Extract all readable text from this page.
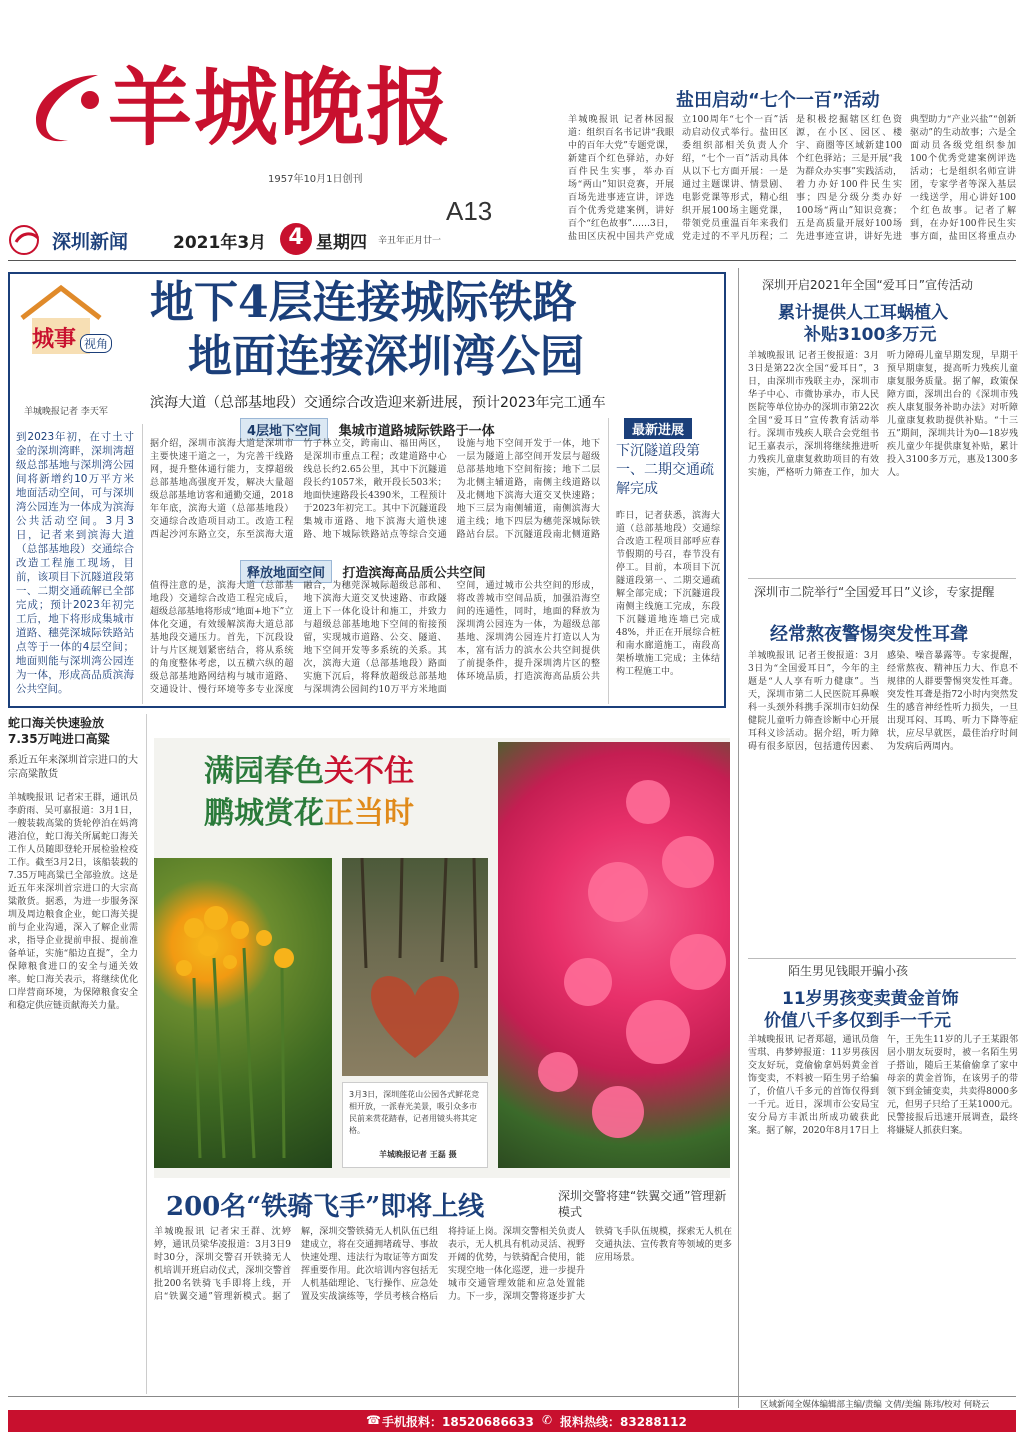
羊城晚报
1957年10月1日创刊
A13
深圳新闻	2021年3月	4 星期四 辛丑年正月廿一
盐田启动“七个一百”活动
羊城晚报讯 记者林园报道：组织百名书记讲“我眼中的百年大党”专题党课，新建百个红色驿站，办好百件民生实事，举办百场“两山”知识竞赛，开展百场先进事迹宣讲，评选百个优秀党建案例，讲好百个“红色故事”……3日，盐田区庆祝中国共产党成立100周年“七个一百”活动启动仪式举行。盐田区委组织部相关负责人介绍，“七个一百”活动具体从以下七方面开展：一是通过主题课讲、情景剧、电影党课等形式，精心组织开展100场主题党课，带领党员重温百年来我们党走过的不平凡历程；二是积极挖掘辖区红色资源，在小区、园区、楼宇、商圈等区域新建100个红色驿站；三是开展“我为群众办实事”实践活动，着力办好100件民生实事；四是分级分类办好100场“两山”知识竞赛；五是高质量开展好100场先进事迹宣讲，讲好先进典型助力“产业兴盐”“创新驱动”的生动故事；六是全面动员各级党组织参加100个优秀党建案例评选活动；七是组织名师宣讲团，专家学者等深入基层一线送学，用心讲好100个红色故事。记者了解到，在办好100件民生实事方面，盐田区将重点办
城事 视角
地下4层连接城际铁路
地面连接深圳湾公园
滨海大道（总部基地段）交通综合改造迎来新进展，预计2023年完工通车
羊城晚报记者 李天军
到2023年初，在寸土寸金的深圳湾畔，深圳湾超级总部基地与深圳湾公园间将新增约10万平方米地面活动空间，可与深圳湾公园连为一体成为滨海公共活动空间。3月3日，记者来到滨海大道（总部基地段）交通综合改造工程施工现场，目前，该项目下沉隧道段第一、二期交通疏解已全部完成；预计2023年初完工后，地下将形成集城市道路、穗莞深城际铁路站点等于一体的4层空间；地面则能与深圳湾公园连为一体，形成高品质滨海公共空间。
4层地下空间 集城市道路城际铁路于一体
据介绍，深圳市滨海大道是深圳市主要快速干道之一，为完善干线路网，提升整体通行能力，支撑超级总部基地高强度开发，解决大量超级总部基地访客和通勤交通，2018年年底，滨海大道（总部基地段）交通综合改造项目动工。改造工程西起沙河东路立交，东至滨海大道竹子林立交，跨南山、福田两区，是深圳市重点工程；改建道路中心线总长约2.65公里，其中下沉隧道段长约1057米，敞开段长503米；地面快速路段长4390米，工程预计于2023年初完工。其中下沉隧道段集城市道路、地下滨海大道快速路、地下城际铁路站点等综合交通设施与地下空间开发于一体，地下一层为隧道上部空间开发层与超级总部基地地下空间衔接；地下二层为北侧主辅道路，南侧主线道路以及北侧地下滨海大道交叉快速路；地下三层为南侧辅道，南侧滨海大道主线；地下四层为穗莞深城际铁路站台层。下沉隧道段南北侧道路
释放地面空间 打造滨海高品质公共空间
值得注意的是，滨海大道（总部基地段）交通综合改造工程完成后，超级总部基地将形成“地面+地下”立体化交通，有效缓解滨海大道总部基地段交通压力。首先，下沉段设计与片区规划紧密结合，将从系统的角度整体考虑，以五横六纵的超级总部基地路网结构与城市道路、交通设计、慢行环境等多专业深度融合，为穗莞深城际超级总部和、地下滨海大道交叉快速路、市政隧道上下一体化设计和施工，并致力与超级总部基地地下空间的衔接预留，实现城市道路、公交、隧道、地下空间开发等多系统的关系。其次，滨海大道（总部基地段）路面实施下沉后，将释放超级总部基地与深圳湾公园间约10万平方米地面空间，通过城市公共空间的形成，将改善城市空间品质，加强沿海空间的连通性，同时，地面的释放为深圳湾公园连为一体，为超级总部基地、深圳湾公园连片打造以人为本，富有活力的滨水公共空间提供了前提条件，提升深圳湾片区的整体环境品质，打造滨海高品质公共
最新进展
下沉隧道段第一、二期交通疏解完成
昨日，记者获悉，滨海大道（总部基地段）交通综合改造工程项目部呼应春节假期的号召，春节没有停工。目前，本项目下沉隧道段第一、二期交通疏解全部完成；下沉隧道段南侧主线施工完成，东段下沉隧道地连墙已完成48%，并正在开展综合桩和南水廊道施工，南段高架桥墩施工完成；主体结构工程施工中。
深圳开启2021年全国“爱耳日”宣传活动
累计提供人工耳蜗植入
补贴3100多万元
羊城晚报讯 记者王俊报道：3月3日是第22次全国“爱耳日”，3日，由深圳市残联主办，深圳市华子中心、市微协承办，市人民医院等单位协办的深圳市第22次全国“爱耳日”宣传教育活动举行。深圳市残疾人联合会党组书记王嘉表示，深圳将继续推进听力残疾儿童康复救助项目的有效实施，严格听力筛查工作，加大听力障碍儿童早期发现，早期干预早期康复，提高听力残疾儿童康复服务质量。据了解，政策保障方面，深圳出台的《深圳市残疾人康复服务补助办法》对听障儿童康复救助提供补贴。“十三五”期间，深圳共计为0—18岁残疾儿童少年提供康复补贴，累计投入3100多万元，惠及1300多人。
深圳市二院举行“全国爱耳日”义诊，专家提醒
经常熬夜警惕突发性耳聋
羊城晚报讯 记者王俊报道：3月3日为“全国爱耳日”，今年的主题是“人人享有听力健康”。当天，深圳市第二人民医院耳鼻喉科一头颈外科携手深圳市妇幼保健院儿童听力筛查诊断中心开展耳科义诊活动。据介绍，听力障碍有很多原因，包括遗传因素、感染、噪音暴露等。专家提醒，经常熬夜、精神压力大、作息不规律的人群要警惕突发性耳聋。突发性耳聋是指72小时内突然发生的感音神经性听力损失，一旦出现耳闷、耳鸣、听力下降等症状，应尽早就医，最佳治疗时间为发病后两周内。
陌生男见钱眼开骗小孩
11岁男孩变卖黄金首饰
价值八千多仅到手一千元
羊城晚报讯 记者郑超，通讯员詹雪琪、冉梦婷报道：11岁男孩因交友好玩，竟偷偷拿妈妈黄金首饰变卖，不料被一陌生男子给骗了，价值八千多元的首饰仅得到一千元。近日，深圳市公安局宝安分局方丰派出所成功破获此案。据了解，2020年8月17日上午，王先生11岁的儿子王某跟邻居小朋友玩耍时，被一名陌生男子搭讪，随后王某偷偷拿了家中母亲的黄金首饰，在该男子的带领下到金铺变卖，共卖得8000多元，但男子只给了王某1000元。民警接报后迅速开展调查，最终将嫌疑人抓获归案。
蛇口海关快速验放
7.35万吨进口高粱
系近五年来深圳首宗进口的大宗高粱散货
羊城晚报讯 记者宋王群，通讯员李蔚雨、吴可嘉报道：3月1日，一艘装载高粱的货轮停泊在妈湾港泊位，蛇口海关所属蛇口海关工作人员随即登轮开展检验检疫工作。截至3月2日，该船装载的7.35万吨高粱已全部验放。这是近五年来深圳首宗进口的大宗高粱散货。据悉，为进一步服务深圳及周边粮食企业，蛇口海关提前与企业沟通，深入了解企业需求，指导企业提前申报、提前准备单证，实施“船边直提”，全力保障粮食进口的安全与通关效率。蛇口海关表示，将继续优化口岸营商环境，为保障粮食安全和稳定供应链贡献海关力量。
满园春色关不住
鹏城赏花正当时
3月3日，深圳莲花山公园各式鲜花竞相开放，一派春光美景，吸引众多市民前来赏花踏春，记者用镜头将其定格。
羊城晚报记者 王磊 摄
200名“铁骑飞手”即将上线	深圳交警将建“铁翼交通”管理新模式
羊城晚报讯 记者宋王群、沈婷婷，通讯员梁华凌报道：3月3日9时30分，深圳交警召开铁骑无人机培训开班启动仪式，深圳交警首批200名铁骑飞手即将上线，开启“铁翼交通”管理新模式。据了解，深圳交警铁骑无人机队伍已组建成立，将在交通拥堵疏导、事故快速处理、违法行为取证等方面发挥重要作用。此次培训内容包括无人机基础理论、飞行操作、应急处置及实战演练等，学员考核合格后将持证上岗。深圳交警相关负责人表示，无人机具有机动灵活、视野开阔的优势，与铁骑配合使用，能实现空地一体化巡逻，进一步提升城市交通管理效能和应急处置能力。下一步，深圳交警将逐步扩大铁骑飞手队伍规模，探索无人机在交通执法、宣传教育等领域的更多应用场景。
区域新闻全媒体编辑部主编/责编 文倩/美编 陈玮/校对 何晓云
☎ 手机报料：18520686633 ✆ 报料热线：83288112
